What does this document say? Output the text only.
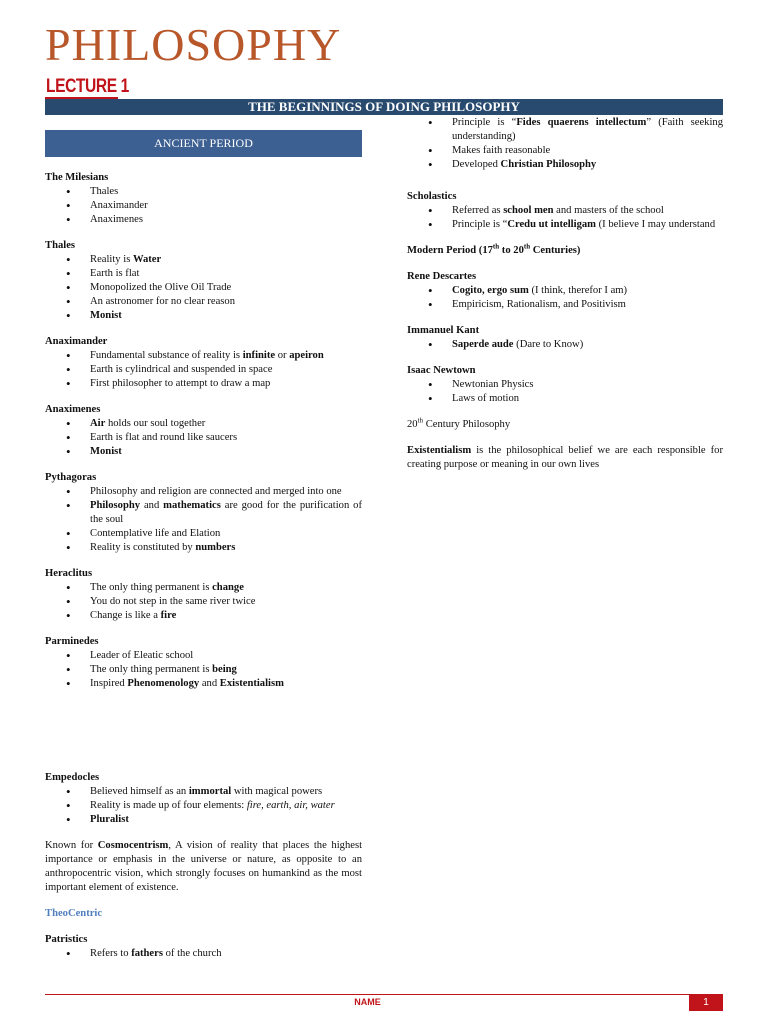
PHILOSOPHY
LECTURE 1
THE BEGINNINGS OF DOING PHILOSOPHY
ANCIENT PERIOD
The Milesians
• Thales
• Anaximander
• Anaximenes
Thales
• Reality is Water
• Earth is flat
• Monopolized the Olive Oil Trade
• An astronomer for no clear reason
• Monist
Anaximander
• Fundamental substance of reality is infinite or apeiron
• Earth is cylindrical and suspended in space
• First philosopher to attempt to draw a map
Anaximenes
• Air holds our soul together
• Earth is flat and round like saucers
• Monist
Pythagoras
• Philosophy and religion are connected and merged into one
• Philosophy and mathematics are good for the purification of the soul
• Contemplative life and Elation
• Reality is constituted by numbers
Heraclitus
• The only thing permanent is change
• You do not step in the same river twice
• Change is like a fire
Parminedes
• Leader of Eleatic school
• The only thing permanent is being
• Inspired Phenomenology and Existentialism
Empedocles
• Believed himself as an immortal with magical powers
• Reality is made up of four elements: fire, earth, air, water
• Pluralist

Known for Cosmocentrism, A vision of reality that places the highest importance or emphasis in the universe or nature, as opposite to an anthropocentric vision, which strongly focuses on humankind as the most important element of existence.

TheoCentric
Patristics
• Refers to fathers of the church
• Principle is “Fides quaerens intellectum” (Faith seeking understanding)
• Makes faith reasonable
• Developed Christian Philosophy
Scholastics
• Referred as school men and masters of the school
• Principle is “Credu ut intelligam (I believe I may understand
Modern Period (17th to 20th Centuries)
Rene Descartes
• Cogito, ergo sum (I think, therefor I am)
• Empiricism, Rationalism, and Positivism
Immanuel Kant
• Saperde aude (Dare to Know)
Isaac Newtown
• Newtonian Physics
• Laws of motion
20th Century Philosophy

Existentialism is the philosophical belief we are each responsible for creating purpose or meaning in our own lives

NAME	1
